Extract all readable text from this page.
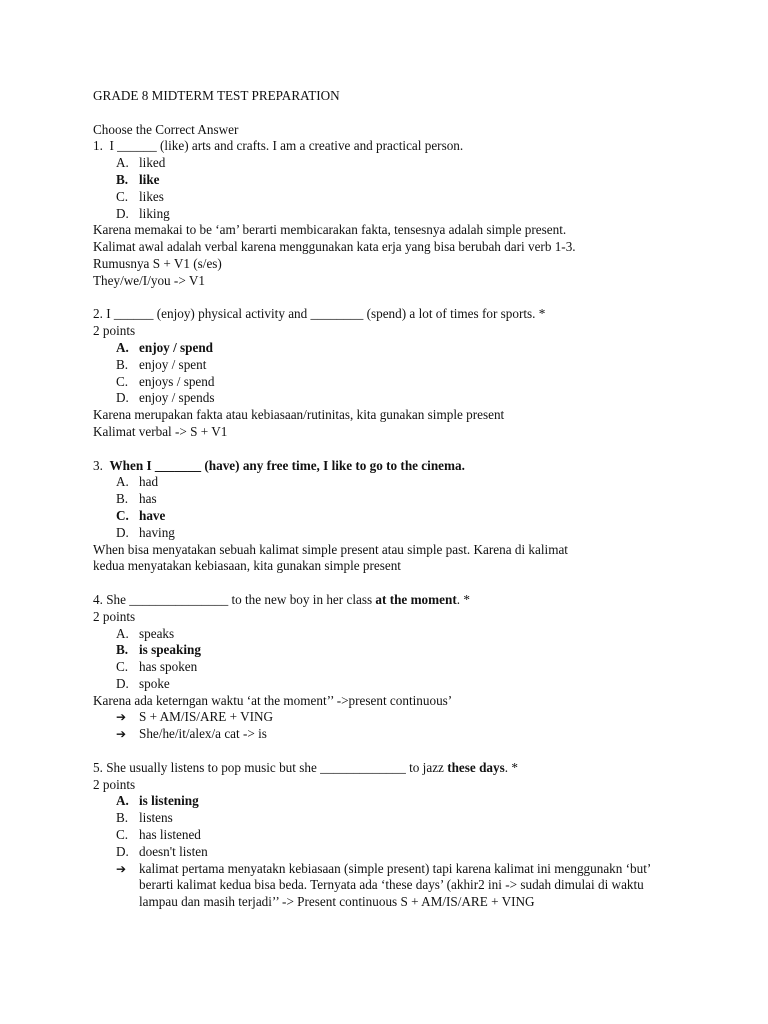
GRADE 8 MIDTERM TEST PREPARATION
Choose the Correct Answer
1. I ______ (like) arts and crafts. I am a creative and practical person.
A. liked
B. like
C. likes
D. liking
Karena memakai to be ‘am’ berarti membicarakan fakta, tensesnya adalah simple present.
Kalimat awal adalah verbal karena menggunakan kata erja yang bisa berubah dari verb 1-3.
Rumusnya S + V1 (s/es)
They/we/I/you -> V1
2. I ______ (enjoy) physical activity and ________ (spend) a lot of times for sports. *
2 points
A. enjoy / spend
B. enjoy / spent
C. enjoys / spend
D. enjoy / spends
Karena merupakan fakta atau kebiasaan/rutinitas, kita gunakan simple present
Kalimat verbal -> S + V1
3. When I _______ (have) any free time, I like to go to the cinema.
A. had
B. has
C. have
D. having
When bisa menyatakan sebuah kalimat simple present atau simple past. Karena di kalimat
kedua menyatakan kebiasaan, kita gunakan simple present
4. She _______________ to the new boy in her class at the moment. *
2 points
A. speaks
B. is speaking
C. has spoken
D. spoke
Karena ada keterngan waktu ‘at the moment’’ ->present continuous’
➔ S + AM/IS/ARE + VING
➔ She/he/it/alex/a cat -> is
5. She usually listens to pop music but she _____________ to jazz these days. *
2 points
A. is listening
B. listens
C. has listened
D. doesn't listen
➔ kalimat pertama menyatakn kebiasaan (simple present) tapi karena kalimat ini menggunakn ‘but’ berarti kalimat kedua bisa beda. Ternyata ada ‘these days’ (akhir2 ini -> sudah dimulai di waktu lampau dan masih terjadi’’ -> Present continuous S + AM/IS/ARE + VING
